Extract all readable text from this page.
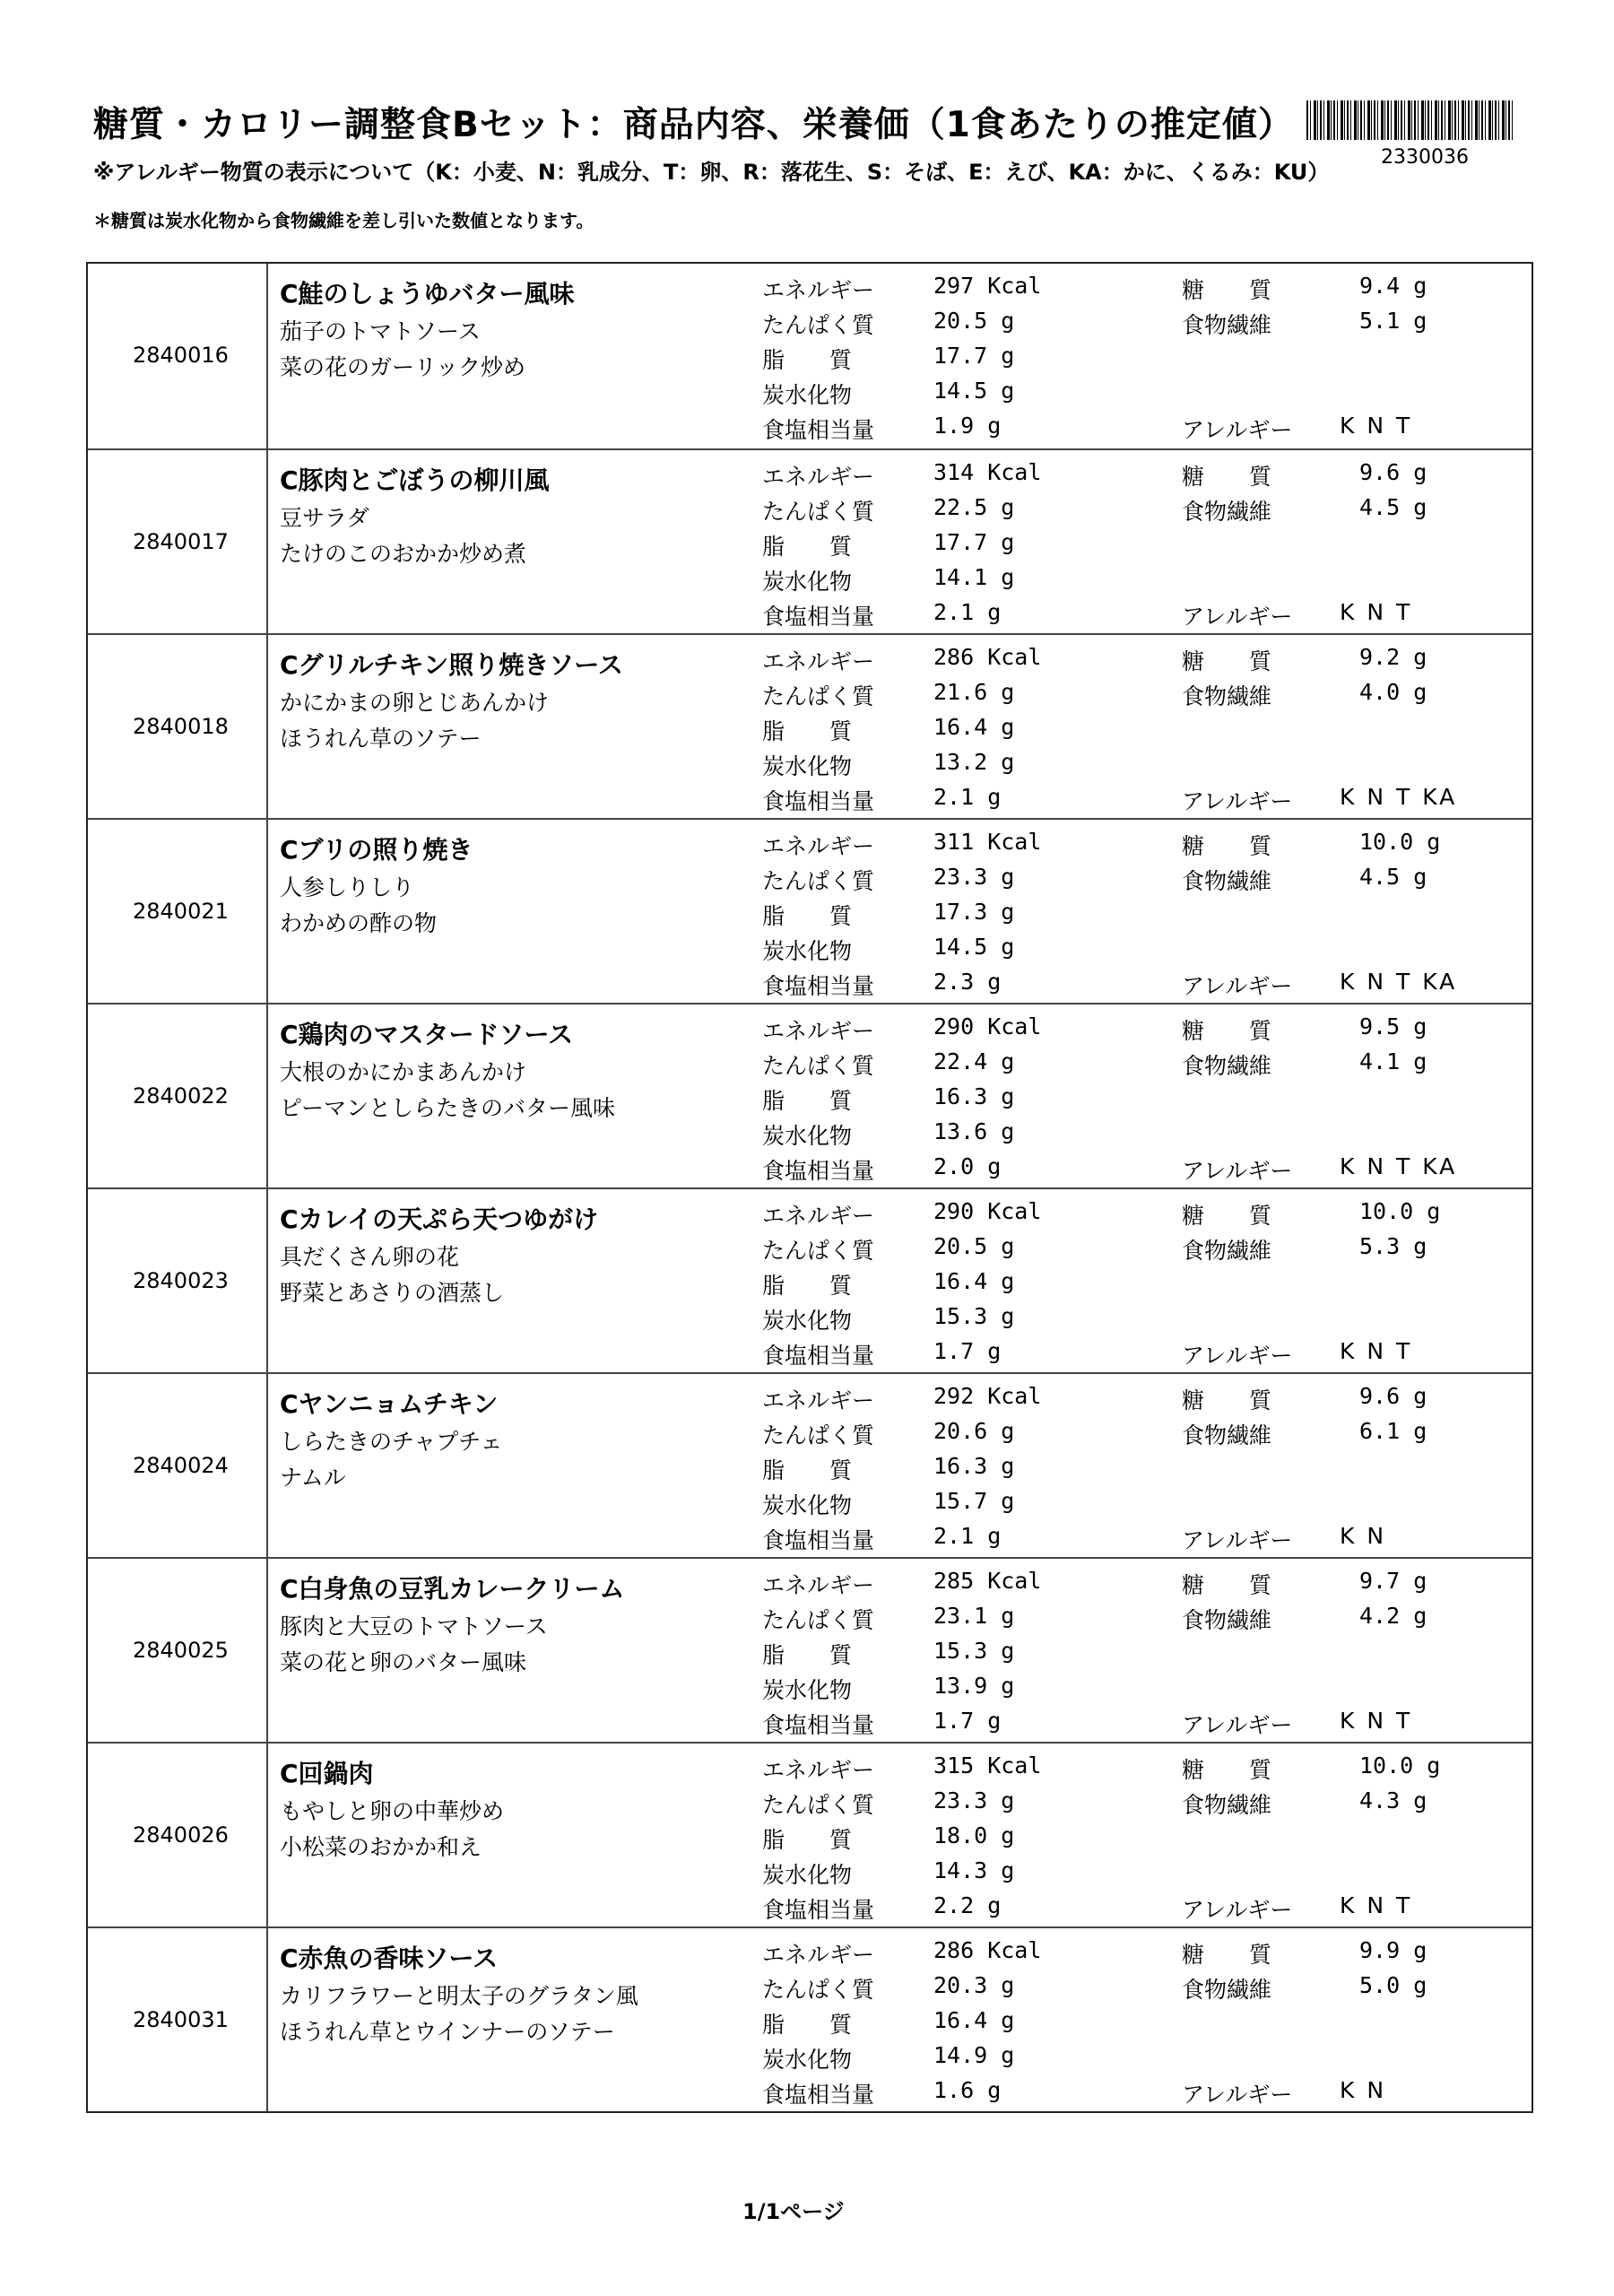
糖質・カロリー調整食Bセット：商品内容、栄養価（1食あたりの推定値）
※アレルギー物質の表示について（K：小麦、N：乳成分、T：卵、R：落花生、S：そば、E：えび、KA：かに、くるみ：KU）
＊糖質は炭水化物から食物繊維を差し引いた数値となります。
2330036
2840016
C鮭のしょうゆバター風味
茄子のトマトソース
菜の花のガーリック炒め
エネルギー	297 Kcal
たんぱく質	20.5 g
脂　　質	17.7 g
炭水化物	14.5 g
食塩相当量	1.9 g
糖　　質	9.4 g
食物繊維	5.1 g
アレルギー K N T
2840017
C豚肉とごぼうの柳川風
豆サラダ
たけのこのおかか炒め煮
エネルギー	314 Kcal
たんぱく質	22.5 g
脂　　質	17.7 g
炭水化物	14.1 g
食塩相当量	2.1 g
糖　　質	9.6 g
食物繊維	4.5 g
アレルギー K N T
2840018
Cグリルチキン照り焼きソース
かにかまの卵とじあんかけ
ほうれん草のソテー
エネルギー	286 Kcal
たんぱく質	21.6 g
脂　　質	16.4 g
炭水化物	13.2 g
食塩相当量	2.1 g
糖　　質	9.2 g
食物繊維	4.0 g
アレルギー K N T KA
2840021
Cブリの照り焼き
人参しりしり
わかめの酢の物
エネルギー	311 Kcal
たんぱく質	23.3 g
脂　　質	17.3 g
炭水化物	14.5 g
食塩相当量	2.3 g
糖　　質	10.0 g
食物繊維	4.5 g
アレルギー K N T KA
2840022
C鶏肉のマスタードソース
大根のかにかまあんかけ
ピーマンとしらたきのバター風味
エネルギー	290 Kcal
たんぱく質	22.4 g
脂　　質	16.3 g
炭水化物	13.6 g
食塩相当量	2.0 g
糖　　質	9.5 g
食物繊維	4.1 g
アレルギー K N T KA
2840023
Cカレイの天ぷら天つゆがけ
具だくさん卵の花
野菜とあさりの酒蒸し
エネルギー	290 Kcal
たんぱく質	20.5 g
脂　　質	16.4 g
炭水化物	15.3 g
食塩相当量	1.7 g
糖　　質	10.0 g
食物繊維	5.3 g
アレルギー K N T
2840024
Cヤンニョムチキン
しらたきのチャプチェ
ナムル
エネルギー	292 Kcal
たんぱく質	20.6 g
脂　　質	16.3 g
炭水化物	15.7 g
食塩相当量	2.1 g
糖　　質	9.6 g
食物繊維	6.1 g
アレルギー K N
2840025
C白身魚の豆乳カレークリーム
豚肉と大豆のトマトソース
菜の花と卵のバター風味
エネルギー	285 Kcal
たんぱく質	23.1 g
脂　　質	15.3 g
炭水化物	13.9 g
食塩相当量	1.7 g
糖　　質	9.7 g
食物繊維	4.2 g
アレルギー K N T
2840026
C回鍋肉
もやしと卵の中華炒め
小松菜のおかか和え
エネルギー	315 Kcal
たんぱく質	23.3 g
脂　　質	18.0 g
炭水化物	14.3 g
食塩相当量	2.2 g
糖　　質	10.0 g
食物繊維	4.3 g
アレルギー K N T
2840031
C赤魚の香味ソース
カリフラワーと明太子のグラタン風
ほうれん草とウインナーのソテー
エネルギー	286 Kcal
たんぱく質	20.3 g
脂　　質	16.4 g
炭水化物	14.9 g
食塩相当量	1.6 g
糖　　質	9.9 g
食物繊維	5.0 g
アレルギー K N
1/1ページ
